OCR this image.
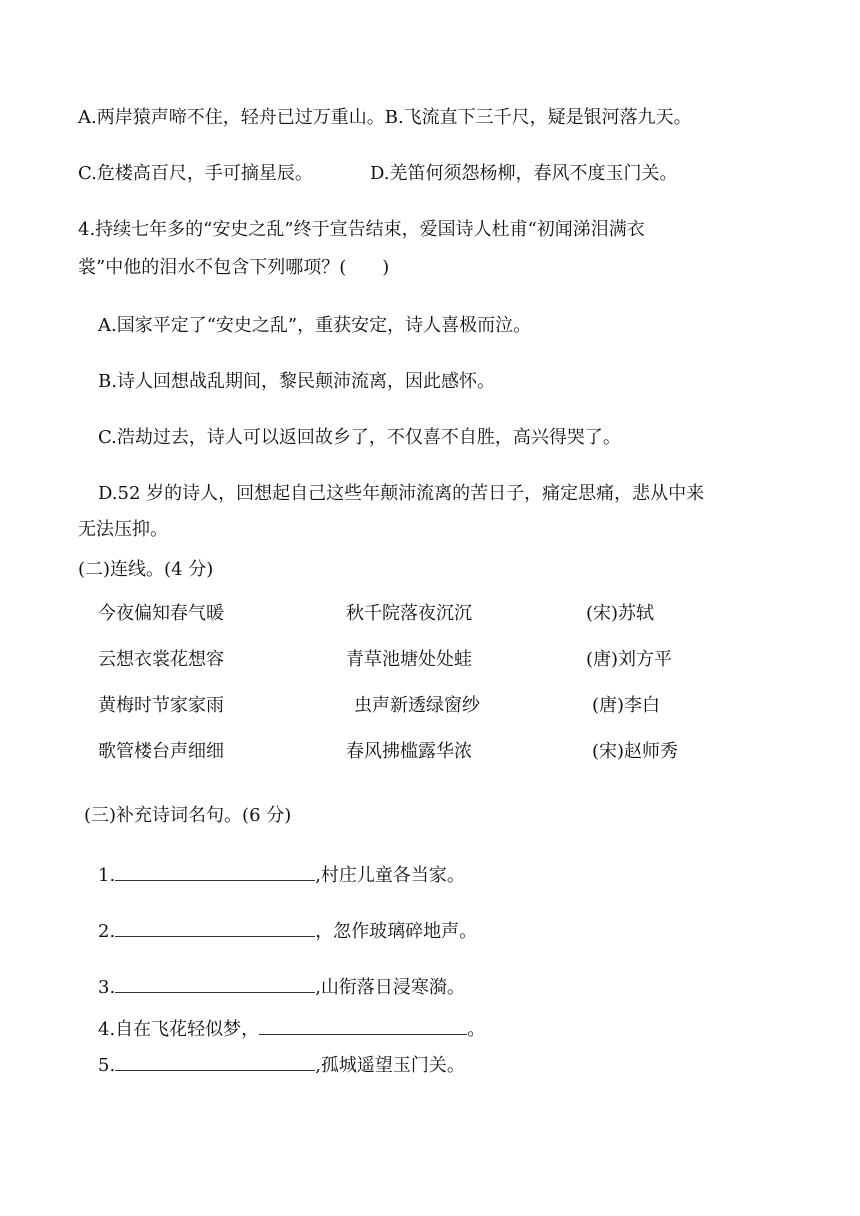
A.两岸猿声啼不住，轻舟已过万重山。B.飞流直下三千尺，疑是银河落九天。
C.危楼高百尺，手可摘星辰。	D.羌笛何须怨杨柳，春风不度玉门关。
4.持续七年多的“安史之乱”终于宣告结束，爱国诗人杜甫“初闻涕泪满衣
裳”中他的泪水不包含下列哪项？(　　)
A.国家平定了“安史之乱”，重获安定，诗人喜极而泣。
B.诗人回想战乱期间，黎民颠沛流离，因此感怀。
C.浩劫过去，诗人可以返回故乡了，不仅喜不自胜，高兴得哭了。
D.52 岁的诗人，回想起自己这些年颠沛流离的苦日子，痛定思痛，悲从中来
无法压抑。
(二)连线。(4 分)
今夜偏知春气暖	秋千院落夜沉沉	(宋)苏轼
云想衣裳花想容	青草池塘处处蛙	(唐)刘方平
黄梅时节家家雨	虫声新透绿窗纱	(唐)李白
歌管楼台声细细	春风拂槛露华浓	(宋)赵师秀
(三)补充诗词名句。(6 分)
1.	,村庄儿童各当家。
2.	，忽作玻璃碎地声。
3.	,山衔落日浸寒漪。
4.自在飞花轻似梦，	。
5.	,孤城遥望玉门关。
